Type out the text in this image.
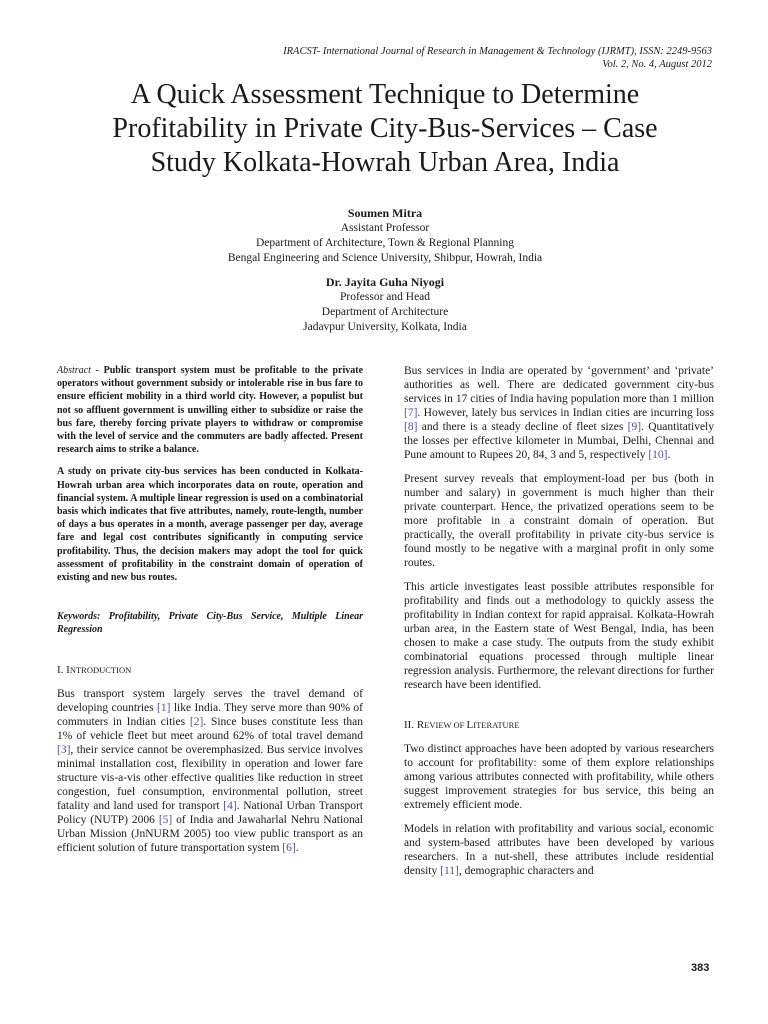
IRACST- International Journal of Research in Management & Technology (IJRMT), ISSN: 2249-9563
Vol. 2, No. 4, August 2012
A Quick Assessment Technique to Determine
Profitability in Private City-Bus-Services – Case
Study Kolkata-Howrah Urban Area, India
Soumen Mitra
Assistant Professor
Department of Architecture, Town & Regional Planning
Bengal Engineering and Science University, Shibpur, Howrah, India
Dr. Jayita Guha Niyogi
Professor and Head
Department of Architecture
Jadavpur University, Kolkata, India

Abstract - Public transport system must be profitable to the private operators without government subsidy or intolerable rise in bus fare to ensure efficient mobility in a third world city. However, a populist but not so affluent government is unwilling either to subsidize or raise the bus fare, thereby forcing private players to withdraw or compromise with the level of service and the commuters are badly affected. Present research aims to strike a balance.

A study on private city-bus services has been conducted in Kolkata-Howrah urban area which incorporates data on route, operation and financial system. A multiple linear regression is used on a combinatorial basis which indicates that five attributes, namely, route-length, number of days a bus operates in a month, average passenger per day, average fare and legal cost contributes significantly in computing service profitability. Thus, the decision makers may adopt the tool for quick assessment of profitability in the constraint domain of operation of existing and new bus routes.

Keywords: Profitability, Private City-Bus Service, Multiple Linear Regression

I. INTRODUCTION

Bus transport system largely serves the travel demand of developing countries [1] like India. They serve more than 90% of commuters in Indian cities [2]. Since buses constitute less than 1% of vehicle fleet but meet around 62% of total travel demand [3], their service cannot be overemphasized. Bus service involves minimal installation cost, flexibility in operation and lower fare structure vis-a-vis other effective qualities like reduction in street congestion, fuel consumption, environmental pollution, street fatality and land used for transport [4]. National Urban Transport Policy (NUTP) 2006 [5] of India and Jawaharlal Nehru National Urban Mission (JnNURM 2005) too view public transport as an efficient solution of future transportation system [6].

Bus services in India are operated by ‘government’ and ‘private’ authorities as well. There are dedicated government city-bus services in 17 cities of India having population more than 1 million [7]. However, lately bus services in Indian cities are incurring loss [8] and there is a steady decline of fleet sizes [9]. Quantitatively the losses per effective kilometer in Mumbai, Delhi, Chennai and Pune amount to Rupees 20, 84, 3 and 5, respectively [10].

Present survey reveals that employment-load per bus (both in number and salary) in government is much higher than their private counterpart. Hence, the privatized operations seem to be more profitable in a constraint domain of operation. But practically, the overall profitability in private city-bus service is found mostly to be negative with a marginal profit in only some routes.

This article investigates least possible attributes responsible for profitability and finds out a methodology to quickly assess the profitability in Indian context for rapid appraisal. Kolkata-Howrah urban area, in the Eastern state of West Bengal, India, has been chosen to make a case study. The outputs from the study exhibit combinatorial equations processed through multiple linear regression analysis. Furthermore, the relevant directions for further research have been identified.

II. REVIEW OF LITERATURE

Two distinct approaches have been adopted by various researchers to account for profitability: some of them explore relationships among various attributes connected with profitability, while others suggest improvement strategies for bus service, this being an extremely efficient mode.

Models in relation with profitability and various social, economic and system-based attributes have been developed by various researchers. In a nut-shell, these attributes include residential density [11], demographic characters and

383
